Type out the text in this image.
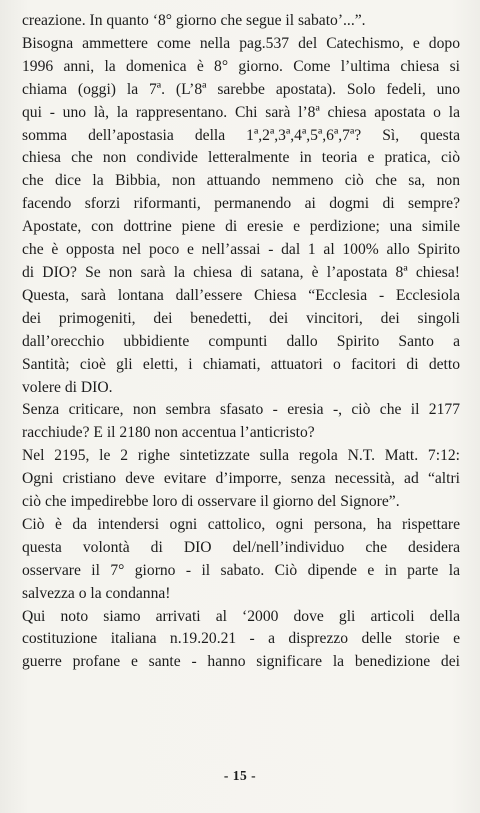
creazione. In quanto ‘8° giorno che segue il sabato’...”.
Bisogna ammettere come nella pag.537 del Catechismo, e dopo
1996 anni, la domenica è 8° giorno. Come l’ultima chiesa si
chiama (oggi) la 7ª. (L’8ª sarebbe apostata). Solo fedeli, uno
qui - uno là, la rappresentano. Chi sarà l’8ª chiesa apostata o la
somma dell’apostasia della 1ª,2ª,3ª,4ª,5ª,6ª,7ª? Sì, questa
chiesa che non condivide letteralmente in teoria e pratica, ciò
che dice la Bibbia, non attuando nemmeno ciò che sa, non
facendo sforzi riformanti, permanendo ai dogmi di sempre?
Apostate, con dottrine piene di eresie e perdizione; una simile
che è opposta nel poco e nell’assai - dal 1 al 100% allo Spirito
di DIO? Se non sarà la chiesa di satana, è l’apostata 8ª chiesa!
Questa, sarà lontana dall’essere Chiesa “Ecclesia - Ecclesiola
dei primogeniti, dei benedetti, dei vincitori, dei singoli
dall’orecchio ubbidiente compunti dallo Spirito Santo a
Santità; cioè gli eletti, i chiamati, attuatori o facitori di detto
volere di DIO.
Senza criticare, non sembra sfasato - eresia -, ciò che il 2177
racchiude? E il 2180 non accentua l’anticristo?
Nel 2195, le 2 righe sintetizzate sulla regola N.T. Matt. 7:12:
Ogni cristiano deve evitare d’imporre, senza necessità, ad “altri
ciò che impedirebbe loro di osservare il giorno del Signore”.
Ciò è da intendersi ogni cattolico, ogni persona, ha rispettare
questa volontà di DIO del/nell’individuo che desidera
osservare il 7° giorno - il sabato. Ciò dipende e in parte la
salvezza o la condanna!
Qui noto siamo arrivati al ‘2000 dove gli articoli della
costituzione italiana n.19.20.21 - a disprezzo delle storie e
guerre profane e sante - hanno significare la benedizione dei
- 15 -
